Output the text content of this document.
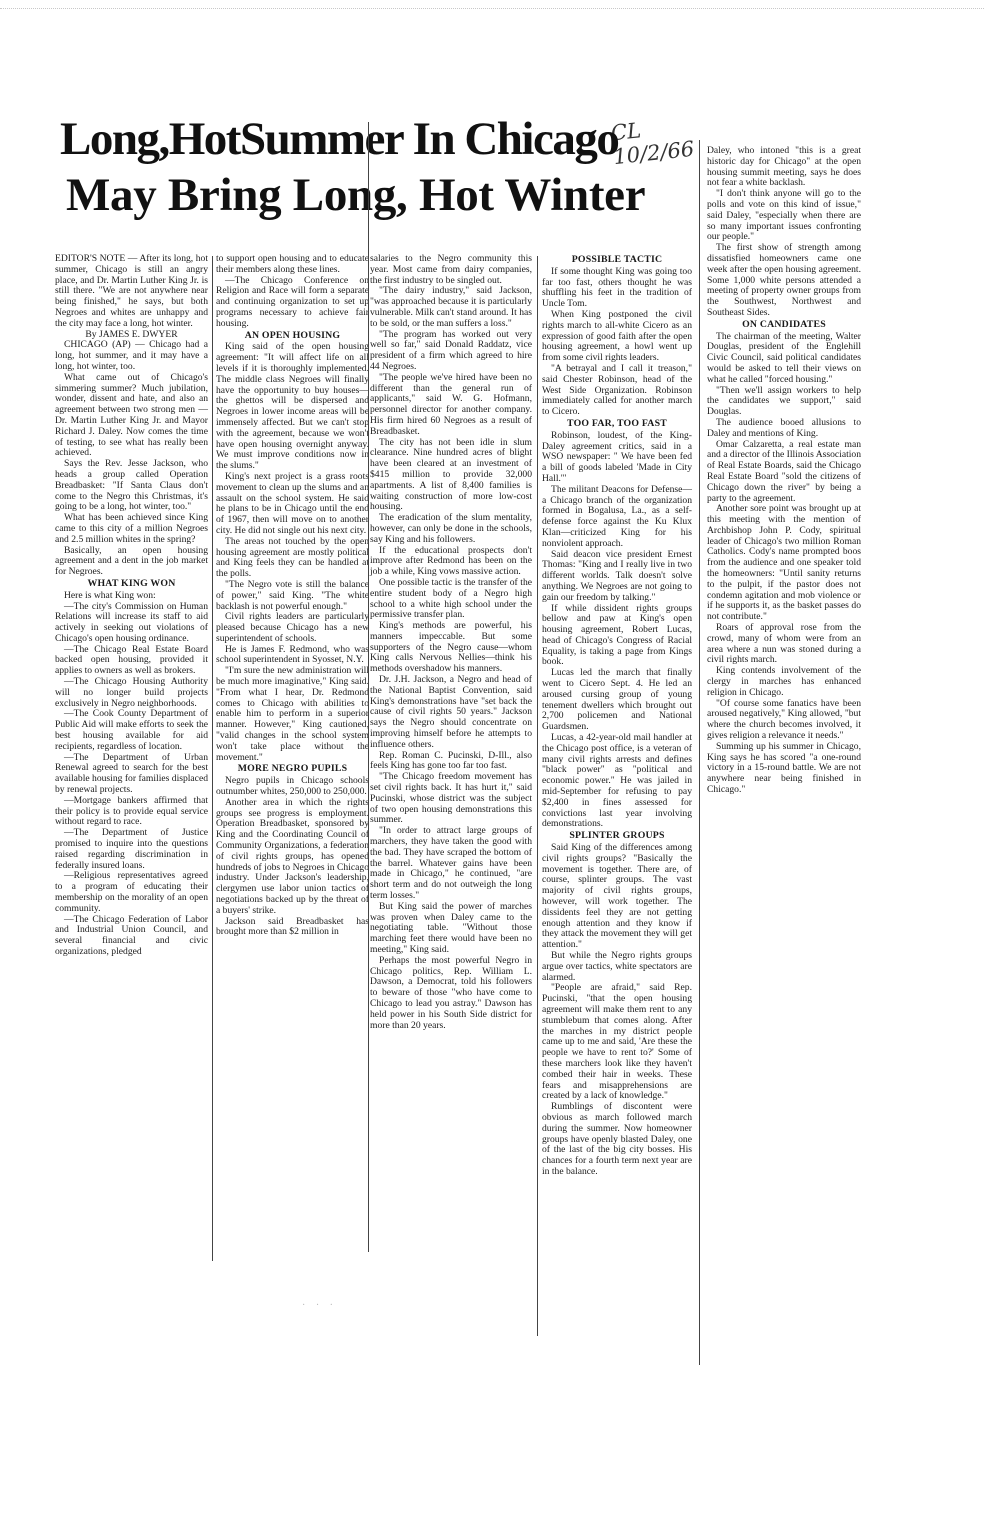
CL 10/2/66
Long,HotSummer In Chicago
May Bring Long, Hot Winter

EDITOR'S NOTE — After its long, hot summer, Chicago is still an angry place, and Dr. Martin Luther King Jr. is still there. "We are not anywhere near being finished," he says, but both Negroes and whites are unhappy and the city may face a long, hot winter.

By JAMES E. DWYER

CHICAGO (AP) — Chicago had a long, hot summer, and it may have a long, hot winter, too.

What came out of Chicago's simmering summer? Much jubilation, wonder, dissent and hate, and also an agreement between two strong men — Dr. Martin Luther King Jr. and Mayor Richard J. Daley. Now comes the time of testing, to see what has really been achieved.

Says the Rev. Jesse Jackson, who heads a group called Operation Breadbasket: "If Santa Claus don't come to the Negro this Christmas, it's going to be a long, hot winter, too."

What has been achieved since King came to this city of a million Negroes and 2.5 million whites in the spring?

Basically, an open housing agreement and a dent in the job market for Negroes.

WHAT KING WON

Here is what King won:

—The city's Commission on Human Relations will increase its staff to aid actively in seeking out violations of Chicago's open housing ordinance.

—The Chicago Real Estate Board backed open housing, provided it applies to owners as well as brokers.

—The Chicago Housing Authority will no longer build projects exclusively in Negro neighborhoods.

—The Cook County Department of Public Aid will make efforts to seek the best housing available for aid recipients, regardless of location.

—The Department of Urban Renewal agreed to search for the best available housing for families displaced by renewal projects.

—Mortgage bankers affirmed that their policy is to provide equal service without regard to race.

—The Department of Justice promised to inquire into the questions raised regarding discrimination in federally insured loans.

—Religious representatives agreed to a program of educating their membership on the morality of an open community.

—The Chicago Federation of Labor and Industrial Union Council, and several financial and civic organizations, pledged

to support open housing and to educate their members along these lines.

—The Chicago Conference on Religion and Race will form a separate and continuing organization to set up programs necessary to achieve fair housing.

AN OPEN HOUSING

King said of the open housing agreement: "It will affect life on all levels if it is thoroughly implemented. The middle class Negroes will finally have the opportunity to buy houses—the ghettos will be dispersed and Negroes in lower income areas will be immensely affected. But we can't stop with the agreement, because we won't have open housing overnight anyway. We must improve conditions now in the slums."

King's next project is a grass roots movement to clean up the slums and an assault on the school system. He said he plans to be in Chicago until the end of 1967, then will move on to another city. He did not single out his next city.

The areas not touched by the open housing agreement are mostly political and King feels they can be handled at the polls.

"The Negro vote is still the balance of power," said King. "The white backlash is not powerful enough."

Civil rights leaders are particularly pleased because Chicago has a new superintendent of schools.

He is James F. Redmond, who was school superintendent in Syosset, N.Y.

"I'm sure the new administration will be much more imaginative," King said. "From what I hear, Dr. Redmond comes to Chicago with abilities to enable him to perform in a superior manner. However," King cautioned, "valid changes in the school system won't take place without the movement."

MORE NEGRO PUPILS

Negro pupils in Chicago schools outnumber whites, 250,000 to 250,000.

Another area in which the rights groups see progress is employment. Operation Breadbasket, sponsored by King and the Coordinating Council of Community Organizations, a federation of civil rights groups, has opened hundreds of jobs to Negroes in Chicago industry. Under Jackson's leadership, clergymen use labor union tactics of negotiations backed up by the threat of a buyers' strike.

Jackson said Breadbasket has brought more than $2 million in

salaries to the Negro community this year. Most came from dairy companies, the first industry to be singled out.

"The dairy industry," said Jackson, "was approached because it is particularly vulnerable. Milk can't stand around. It has to be sold, or the man suffers a loss."

"The program has worked out very well so far," said Donald Raddatz, vice president of a firm which agreed to hire 44 Negroes.

"The people we've hired have been no different than the general run of applicants," said W. G. Hofmann, personnel director for another company. His firm hired 60 Negroes as a result of Breadbasket.

The city has not been idle in slum clearance. Nine hundred acres of blight have been cleared at an investment of $415 million to provide 32,000 apartments. A list of 8,400 families is waiting construction of more low-cost housing.

The eradication of the slum mentality, however, can only be done in the schools, say King and his followers.

If the educational prospects don't improve after Redmond has been on the job a while, King vows massive action.

One possible tactic is the transfer of the entire student body of a Negro high school to a white high school under the permissive transfer plan.

King's methods are powerful, his manners impeccable. But some supporters of the Negro cause—whom King calls Nervous Nellies—think his methods overshadow his manners.

Dr. J.H. Jackson, a Negro and head of the National Baptist Convention, said King's demonstrations have "set back the cause of civil rights 50 years." Jackson says the Negro should concentrate on improving himself before he attempts to influence others.

Rep. Roman C. Pucinski, D-Ill., also feels King has gone too far too fast.

"The Chicago freedom movement has set civil rights back. It has hurt it," said Pucinski, whose district was the subject of two open housing demonstrations this summer.

"In order to attract large groups of marchers, they have taken the good with the bad. They have scraped the bottom of the barrel. Whatever gains have been made in Chicago," he continued, "are short term and do not outweigh the long term losses."

But King said the power of marches was proven when Daley came to the negotiating table. "Without those marching feet there would have been no meeting," King said.

Perhaps the most powerful Negro in Chicago politics, Rep. William L. Dawson, a Democrat, told his followers to beware of those "who have come to Chicago to lead you astray." Dawson has held power in his South Side district for more than 20 years.

POSSIBLE TACTIC

If some thought King was going too far too fast, others thought he was shuffling his feet in the tradition of Uncle Tom.

When King postponed the civil rights march to all-white Cicero as an expression of good faith after the open housing agreement, a howl went up from some civil rights leaders.

"A betrayal and I call it treason," said Chester Robinson, head of the West Side Organization. Robinson immediately called for another march to Cicero.

TOO FAR, TOO FAST

Robinson, loudest, of the King-Daley agreement critics, said in a WSO newspaper: " We have been fed a bill of goods labeled 'Made in City Hall.'"

The militant Deacons for Defense—a Chicago branch of the organization formed in Bogalusa, La., as a self-defense force against the Ku Klux Klan—criticized King for his nonviolent approach.

Said deacon vice president Ernest Thomas: "King and I really live in two different worlds. Talk doesn't solve anything. We Negroes are not going to gain our freedom by talking."

If while dissident rights groups bellow and paw at King's open housing agreement, Robert Lucas, head of Chicago's Congress of Racial Equality, is taking a page from Kings book.

Lucas led the march that finally went to Cicero Sept. 4. He led an aroused cursing group of young tenement dwellers which brought out 2,700 policemen and National Guardsmen.

Lucas, a 42-year-old mail handler at the Chicago post office, is a veteran of many civil rights arrests and defines "black power" as "political and economic power." He was jailed in mid-September for refusing to pay $2,400 in fines assessed for convictions last year involving demonstrations.

SPLINTER GROUPS

Said King of the differences among civil rights groups? "Basically the movement is together. There are, of course, splinter groups. The vast majority of civil rights groups, however, will work together. The dissidents feel they are not getting enough attention and they know if they attack the movement they will get attention."

But while the Negro rights groups argue over tactics, white spectators are alarmed.

"People are afraid," said Rep. Pucinski, "that the open housing agreement will make them rent to any stumblebum that comes along. After the marches in my district people came up to me and said, 'Are these the people we have to rent to?' Some of these marchers look like they haven't combed their hair in weeks. These fears and misapprehensions are created by a lack of knowledge."

Rumblings of discontent were obvious as march followed march during the summer. Now homeowner groups have openly blasted Daley, one of the last of the big city bosses. His chances for a fourth term next year are in the balance.

Daley, who intoned "this is a great historic day for Chicago" at the open housing summit meeting, says he does not fear a white backlash.

"I don't think anyone will go to the polls and vote on this kind of issue," said Daley, "especially when there are so many important issues confronting our people."

The first show of strength among dissatisfied homeowners came one week after the open housing agreement. Some 1,000 white persons attended a meeting of property owner groups from the Southwest, Northwest and Southeast Sides.

ON CANDIDATES

The chairman of the meeting, Walter Douglas, president of the Englehill Civic Council, said political candidates would be asked to tell their views on what he called "forced housing."

"Then we'll assign workers to help the candidates we support," said Douglas.

The audience booed allusions to Daley and mentions of King.

Omar Calzaretta, a real estate man and a director of the Illinois Association of Real Estate Boards, said the Chicago Real Estate Board "sold the citizens of Chicago down the river" by being a party to the agreement.

Another sore point was brought up at this meeting with the mention of Archbishop John P. Cody, spiritual leader of Chicago's two million Roman Catholics. Cody's name prompted boos from the audience and one speaker told the homeowners: "Until sanity returns to the pulpit, if the pastor does not condemn agitation and mob violence or if he supports it, as the basket passes do not contribute."

Roars of approval rose from the crowd, many of whom were from an area where a nun was stoned during a civil rights march.

King contends involvement of the clergy in marches has enhanced religion in Chicago.

"Of course some fanatics have been aroused negatively," King allowed, "but where the church becomes involved, it gives religion a relevance it needs."

Summing up his summer in Chicago, King says he has scored "a one-round victory in a 15-round battle. We are not anywhere near being finished in Chicago."

· · ·
